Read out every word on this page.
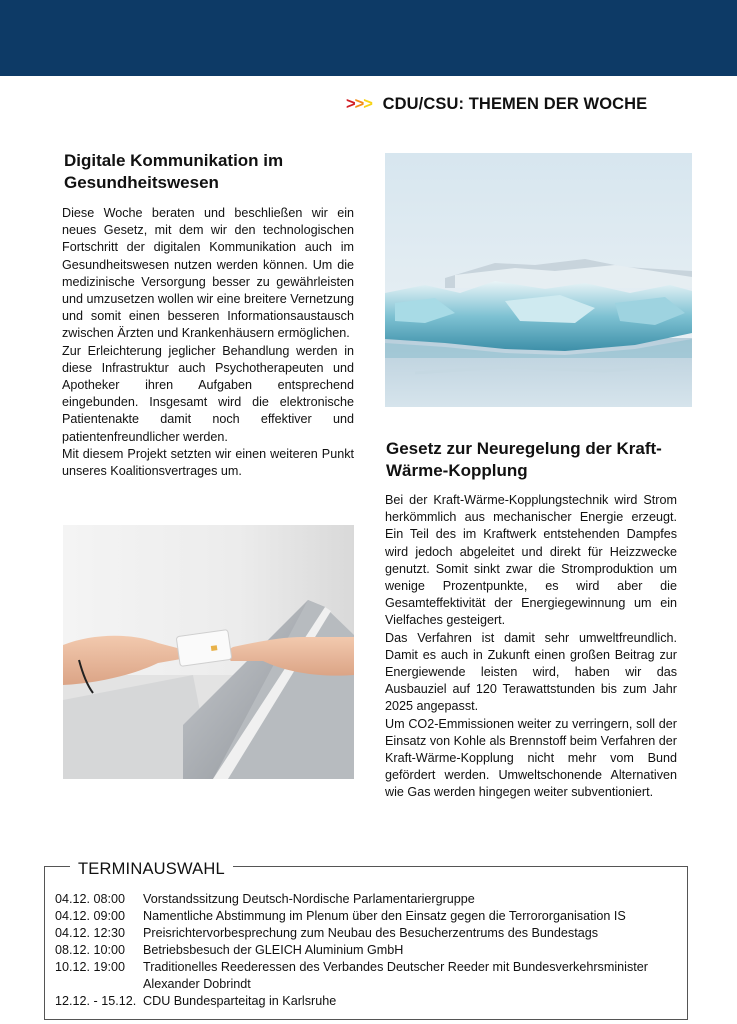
>>> CDU/CSU: THEMEN DER WOCHE
Digitale Kommunikation im Gesundheitswesen

Diese Woche beraten und beschließen wir ein neues Gesetz, mit dem wir den technologischen Fortschritt der digitalen Kommunikation auch im Gesundheitswesen nutzen werden können. Um die medizinische Versorgung besser zu gewährleisten und umzusetzen wollen wir eine breitere Vernetzung und somit einen besseren Informationsaustausch zwischen Ärzten und Krankenhäusern ermöglichen.

Zur Erleichterung jeglicher Behandlung werden in diese Infrastruktur auch Psychotherapeuten und Apotheker ihren Aufgaben entsprechend eingebunden. Insgesamt wird die elektronische Patientenakte damit noch effektiver und patientenfreundlicher werden.

Mit diesem Projekt setzten wir einen weiteren Punkt unseres Koalitionsvertrages um.

Gesetz zur Neuregelung der Kraft-Wärme-Kopplung

Bei der Kraft-Wärme-Kopplungstechnik wird Strom herkömmlich aus mechanischer Energie erzeugt. Ein Teil des im Kraftwerk entstehenden Dampfes wird jedoch abgeleitet und direkt für Heizzwecke genutzt. Somit sinkt zwar die Stromproduktion um wenige Prozentpunkte, es wird aber die Gesamteffektivität der Energiegewinnung um ein Vielfaches gesteigert.

Das Verfahren ist damit sehr umweltfreundlich. Damit es auch in Zukunft einen großen Beitrag zur Energiewende leisten wird, haben wir das Ausbauziel auf 120 Terawattstunden bis zum Jahr 2025 angepasst.

Um CO2-Emmissionen weiter zu verringern, soll der Einsatz von Kohle als Brennstoff beim Verfahren der Kraft-Wärme-Kopplung nicht mehr vom Bund gefördert werden. Umweltschonende Alternativen wie Gas werden hingegen weiter subventioniert.

TERMINAUSWAHL
04.12. 08:00	Vorstandssitzung Deutsch-Nordische Parlamentariergruppe
04.12. 09:00	Namentliche Abstimmung im Plenum über den Einsatz gegen die Terrororganisation IS
04.12. 12:30	Preisrichtervorbesprechung zum Neubau des Besucherzentrums des Bundestags
08.12. 10:00	Betriebsbesuch der GLEICH Aluminium GmbH
10.12. 19:00	Traditionelles Reederessen des Verbandes Deutscher Reeder mit Bundesverkehrsminister Alexander Dobrindt
12.12. - 15.12. CDU Bundesparteitag in Karlsruhe
